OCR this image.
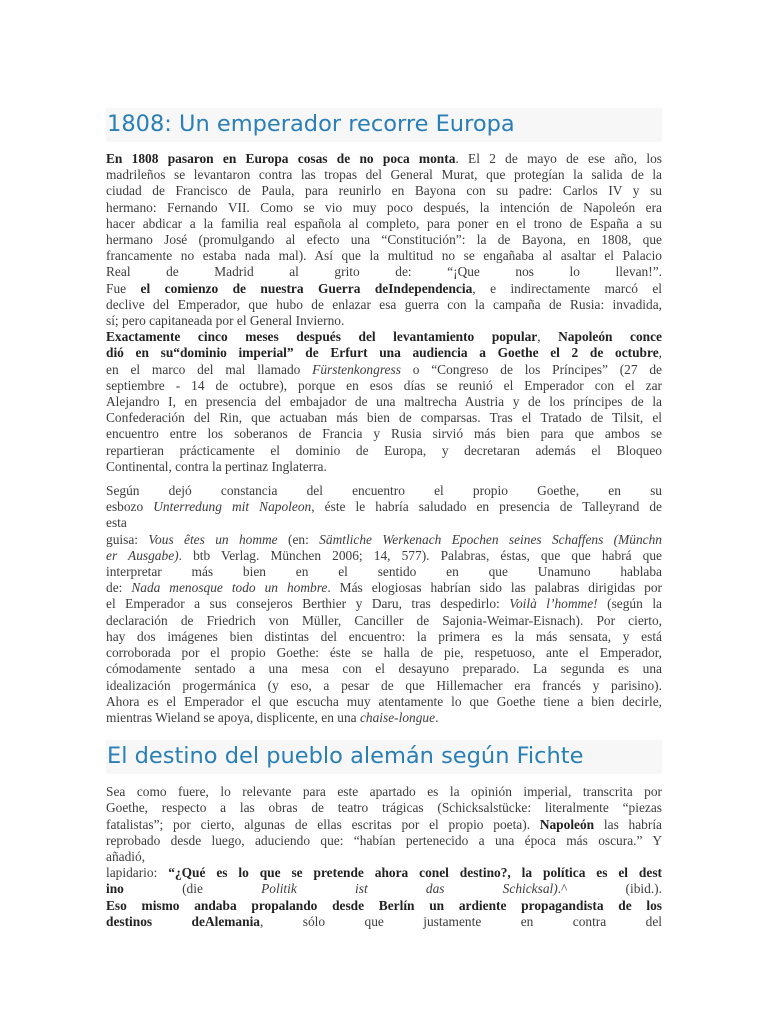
1808: Un emperador recorre Europa

En 1808 pasaron en Europa cosas de no poca monta. El 2 de mayo de ese año, los
madrileños se levantaron contra las tropas del General Murat, que protegían la salida de la
ciudad de Francisco de Paula, para reunirlo en Bayona con su padre: Carlos IV y su
hermano: Fernando VII. Como se vio muy poco después, la intención de Napoleón era
hacer abdicar a la familia real española al completo, para poner en el trono de España a su
hermano José (promulgando al efecto una “Constitución”: la de Bayona, en 1808, que
francamente no estaba nada mal). Así que la multitud no se engañaba al asaltar el Palacio
Real de Madrid al grito de: “¡Que nos lo llevan!”.
Fue el comienzo de nuestra Guerra deIndependencia, e indirectamente marcó el
declive del Emperador, que hubo de enlazar esa guerra con la campaña de Rusia: invadida,
sí; pero capitaneada por el General Invierno.

Exactamente cinco meses después del levantamiento popular, Napoleón conce
dió en su“dominio imperial” de Erfurt una audiencia a Goethe el 2 de octubre,
en el marco del mal llamado Fürstenkongress o “Congreso de los Príncipes” (27 de
septiembre - 14 de octubre), porque en esos días se reunió el Emperador con el zar
Alejandro I, en presencia del embajador de una maltrecha Austria y de los príncipes de la
Confederación del Rin, que actuaban más bien de comparsas. Tras el Tratado de Tilsit, el
encuentro entre los soberanos de Francia y Rusia sirvió más bien para que ambos se
repartieran prácticamente el dominio de Europa, y decretaran además el Bloqueo
Continental, contra la pertinaz Inglaterra.

Según dejó constancia del encuentro el propio Goethe, en su
esbozo Unterredung mit Napoleon, éste le habría saludado en presencia de Talleyrand de
esta
guisa: Vous êtes un homme (en: Sämtliche Werkenach Epochen seines Schaffens (Münchn
er Ausgabe). btb Verlag. München 2006; 14, 577). Palabras, éstas, que que habrá que
interpretar más bien en el sentido en que Unamuno hablaba
de: Nada menosque todo un hombre. Más elogiosas habrían sido las palabras dirigidas por
el Emperador a sus consejeros Berthier y Daru, tras despedirlo: Voilà l’homme! (según la
declaración de Friedrich von Müller, Canciller de Sajonia-Weimar-Eisnach). Por cierto,
hay dos imágenes bien distintas del encuentro: la primera es la más sensata, y está
corroborada por el propio Goethe: éste se halla de pie, respetuoso, ante el Emperador,
cómodamente sentado a una mesa con el desayuno preparado. La segunda es una
idealización progermánica (y eso, a pesar de que Hillemacher era francés y parisino).
Ahora es el Emperador el que escucha muy atentamente lo que Goethe tiene a bien decirle,
mientras Wieland se apoya, displicente, en una chaise-longue.

El destino del pueblo alemán según Fichte

Sea como fuere, lo relevante para este apartado es la opinión imperial, transcrita por
Goethe, respecto a las obras de teatro trágicas (Schicksalstücke: literalmente “piezas
fatalistas”; por cierto, algunas de ellas escritas por el propio poeta). Napoleón las habría
reprobado desde luego, aduciendo que: “habían pertenecido a una época más oscura.” Y
añadió,
lapidario: “¿Qué es lo que se pretende ahora conel destino?, la política es el dest
ino (die Politik ist das Schicksal).^ (ibid.).
Eso mismo andaba propalando desde Berlín un ardiente propagandista de los
destinos deAlemania, sólo que justamente en contra del
